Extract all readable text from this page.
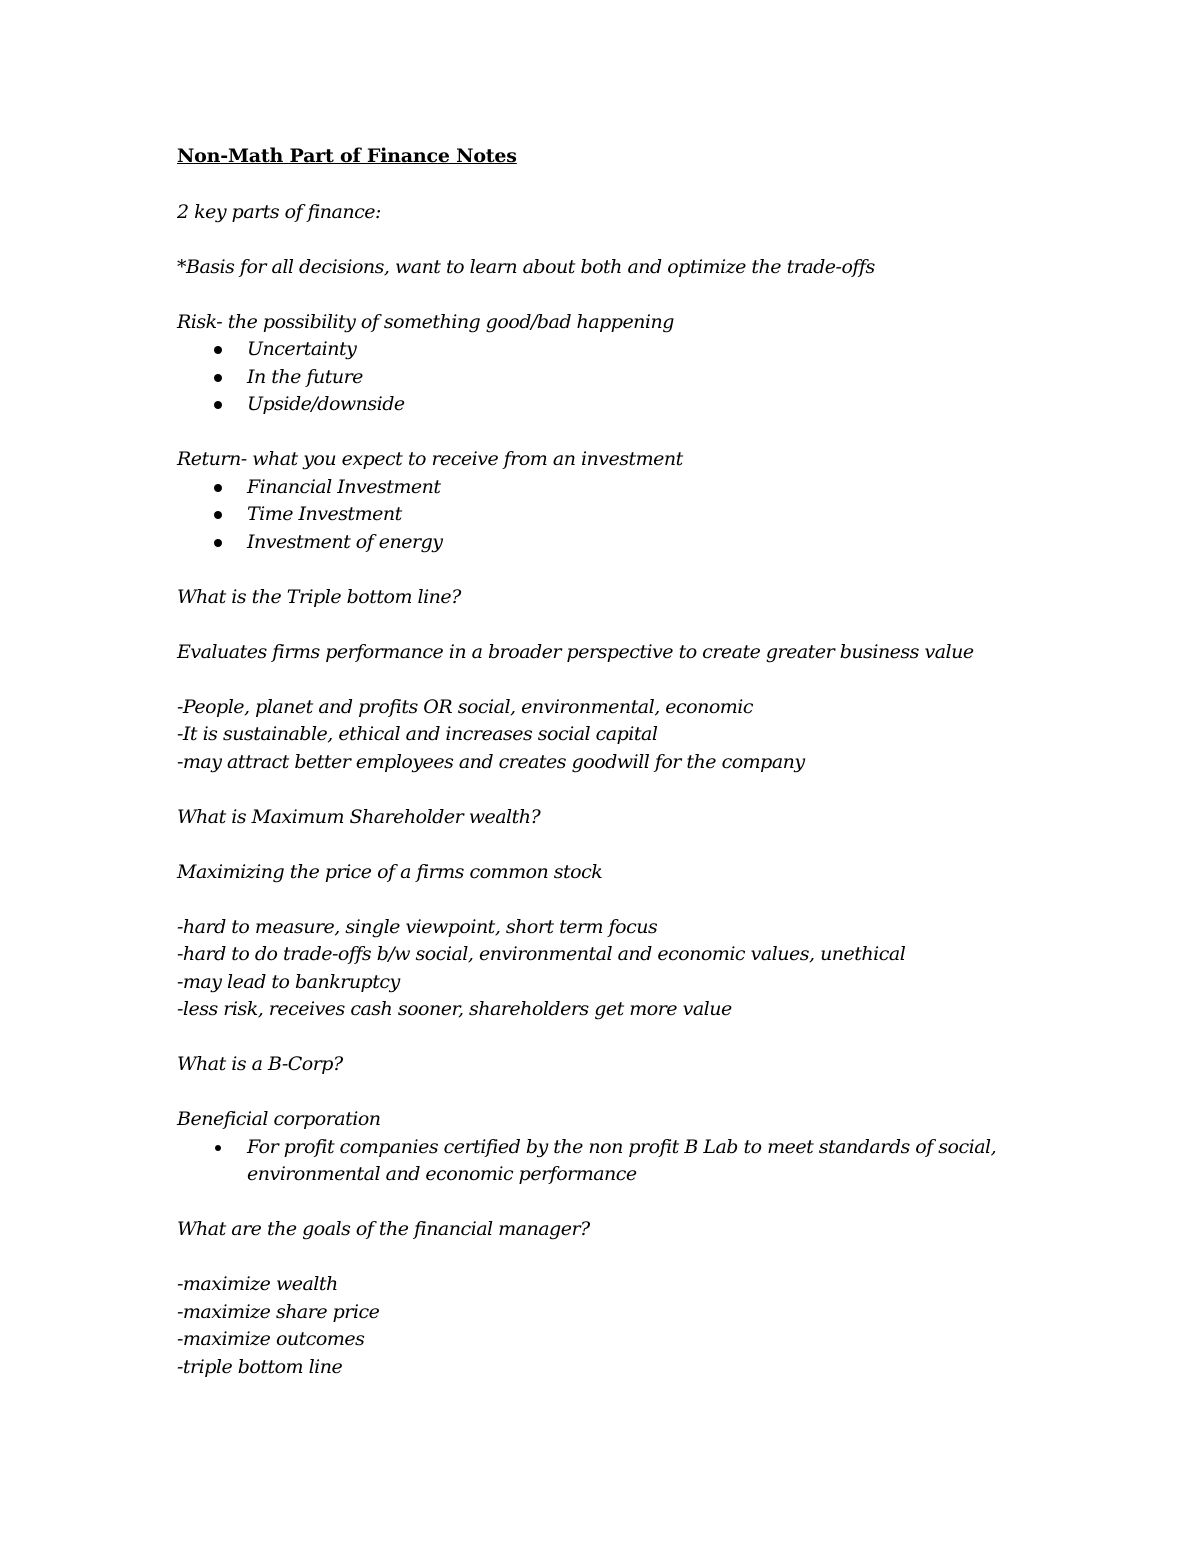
Non-Math Part of Finance Notes

2 key parts of finance:

*Basis for all decisions, want to learn about both and optimize the trade-offs

Risk- the possibility of something good/bad happening

Uncertainty
In the future
Upside/downside

Return- what you expect to receive from an investment

Financial Investment
Time Investment
Investment of energy

What is the Triple bottom line?

Evaluates firms performance in a broader perspective to create greater business value

-People, planet and profits OR social, environmental, economic

-It is sustainable, ethical and increases social capital

-may attract better employees and creates goodwill for the company

What is Maximum Shareholder wealth?

Maximizing the price of a firms common stock

-hard to measure, single viewpoint, short term focus

-hard to do trade-offs b/w social, environmental and economic values, unethical

-may lead to bankruptcy

-less risk, receives cash sooner, shareholders get more value

What is a B-Corp?

Beneficial corporation

For profit companies certified by the non profit B Lab to meet standards of social, environmental and economic performance

What are the goals of the financial manager?

-maximize wealth

-maximize share price

-maximize outcomes

-triple bottom line
